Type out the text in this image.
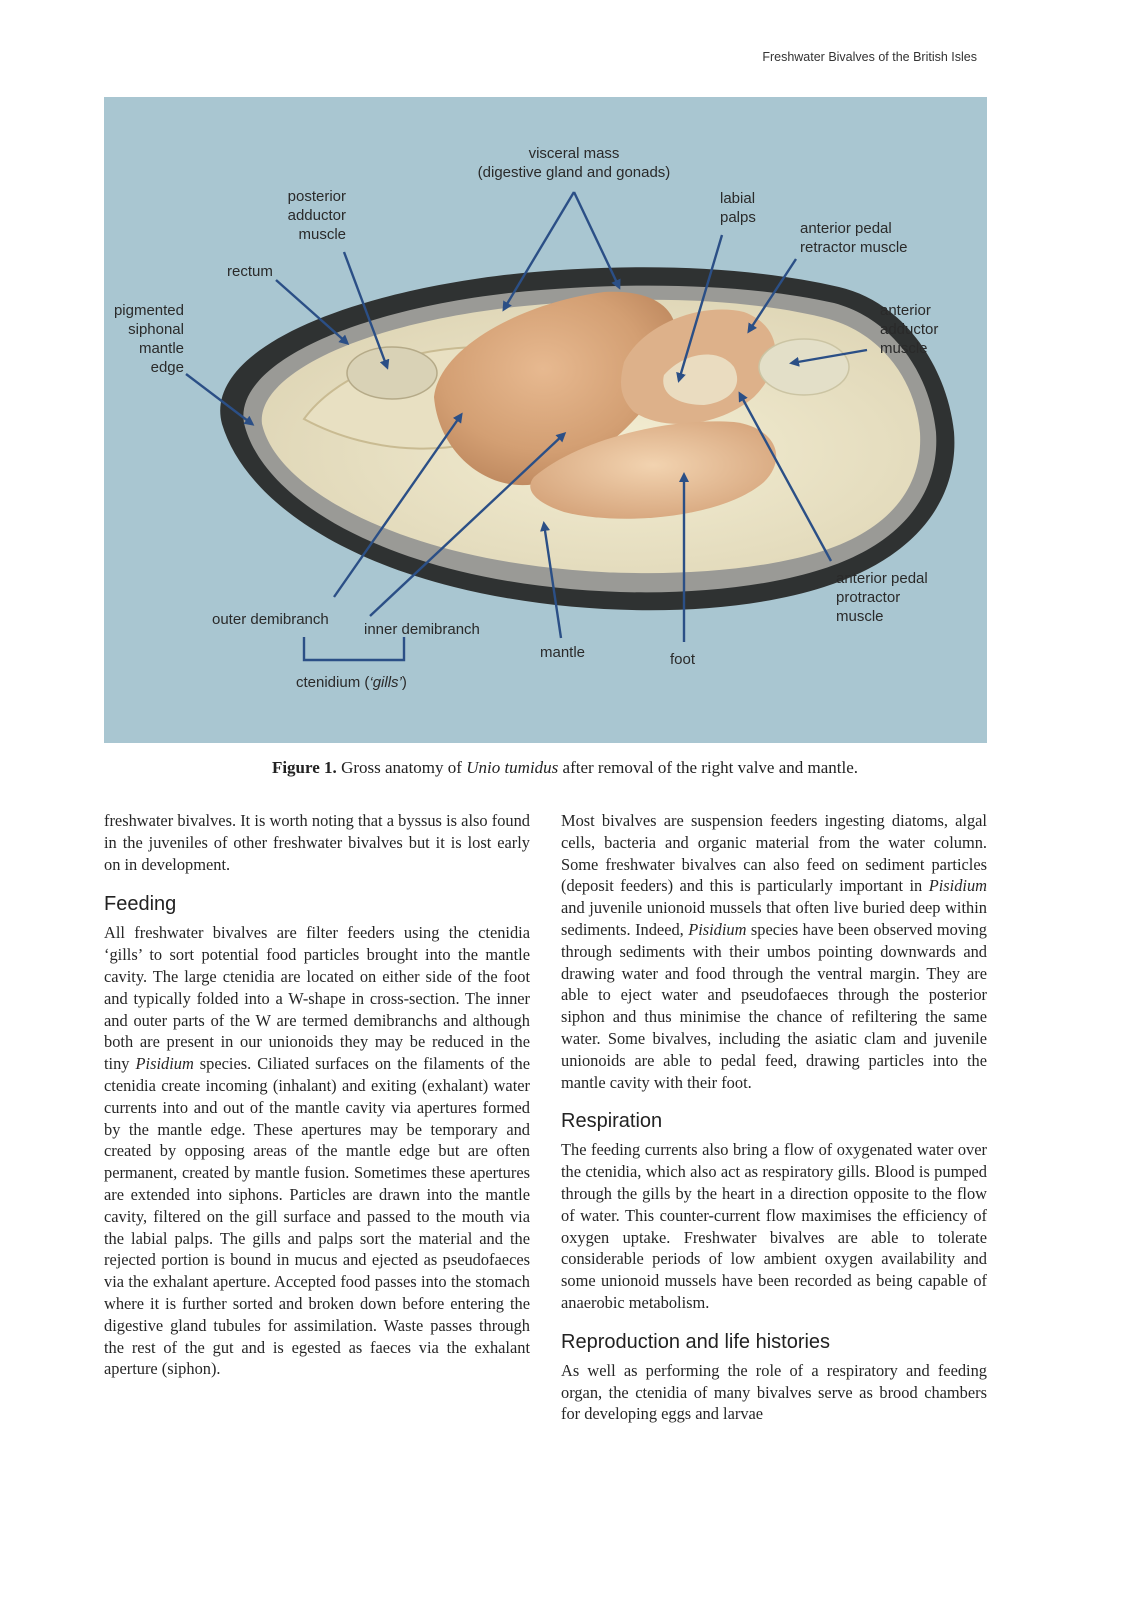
Freshwater Bivalves of the British Isles
visceral mass
(digestive gland and gonads)
posterior
adductor
muscle
labial
palps
anterior pedal
retractor muscle
rectum
pigmented
siphonal
mantle
edge
anterior
adductor
muscle
anterior pedal
protractor
muscle
outer demibranch
inner demibranch
mantle	foot
ctenidium (‘gills’)
Figure 1. Gross anatomy of Unio tumidus after removal of the right valve and mantle.

freshwater bivalves. It is worth noting that a byssus is also found in the juveniles of other freshwater bivalves but it is lost early on in development.

Feeding

All freshwater bivalves are filter feeders using the ctenidia ‘gills’ to sort potential food particles brought into the mantle cavity. The large ctenidia are located on either side of the foot and typically folded into a W-shape in cross-section. The inner and outer parts of the W are termed demibranchs and although both are present in our unionoids they may be reduced in the tiny Pisidium species. Ciliated surfaces on the filaments of the ctenidia create incoming (inhalant) and exiting (exhalant) water currents into and out of the mantle cavity via apertures formed by the mantle edge. These apertures may be temporary and created by opposing areas of the mantle edge but are often permanent, created by mantle fusion. Sometimes these apertures are extended into siphons. Particles are drawn into the mantle cavity, filtered on the gill surface and passed to the mouth via the labial palps. The gills and palps sort the material and the rejected portion is bound in mucus and ejected as pseudofaeces via the exhalant aperture. Accepted food passes into the stomach where it is further sorted and broken down before entering the digestive gland tubules for assimilation. Waste passes through the rest of the gut and is egested as faeces via the exhalant aperture (siphon).

Most bivalves are suspension feeders ingesting diatoms, algal cells, bacteria and organic material from the water column. Some freshwater bivalves can also feed on sediment particles (deposit feeders) and this is particularly important in Pisidium and juvenile unionoid mussels that often live buried deep within sediments. Indeed, Pisidium species have been observed moving through sediments with their umbos pointing downwards and drawing water and food through the ventral margin. They are able to eject water and pseudofaeces through the posterior siphon and thus minimise the chance of refiltering the same water. Some bivalves, including the asiatic clam and juvenile unionoids are able to pedal feed, drawing particles into the mantle cavity with their foot.

Respiration

The feeding currents also bring a flow of oxygenated water over the ctenidia, which also act as respiratory gills. Blood is pumped through the gills by the heart in a direction opposite to the flow of water. This counter-current flow maximises the efficiency of oxygen uptake. Freshwater bivalves are able to tolerate considerable periods of low ambient oxygen availability and some unionoid mussels have been recorded as being capable of anaerobic metabolism.

Reproduction and life histories

As well as performing the role of a respiratory and feeding organ, the ctenidia of many bivalves serve as brood chambers for developing eggs and larvae
